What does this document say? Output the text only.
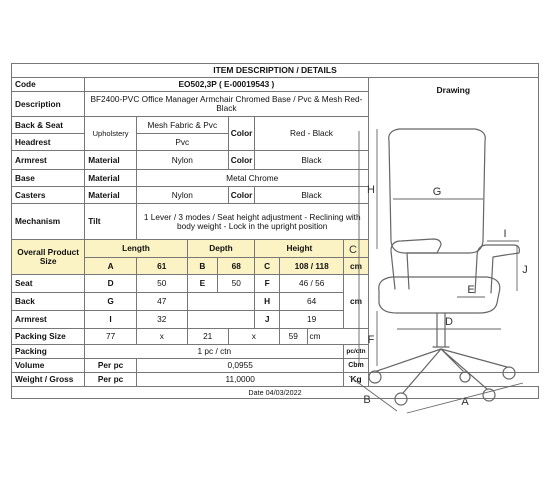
ITEM DESCRIPTION / DETAILS
Code	EO502,3P ( E-00019543 )									Drawing

Description	BF2400-PVC Office Manager Armchair Chromed Base / Pvc & Mesh Red-Black									
Back & Seat	Upholstery	Mesh Fabric & Pvc			Color	Red - Black				
Headrest		Pvc								
Armrest	Material	Nylon			Color	Black				
Base	Material	Metal Chrome								
Casters	Material	Nylon			Color	Black				
Mechanism	Tilt	1 Lever / 3 modes / Seat height adjustment - Reclining with body weight - Lock in the upright position								
Overall Product Size	Length		Depth			Height				
	A	61	B	68		C	108 / 118		cm	
Seat	D	50	E	50		F	46 / 56		cm	
Back	G	47				H	64			
Armrest	I	32				J	19			
Packing Size	77	x	21		x		59	cm		
Packing	1 pc / ctn								pc/ctn	
Volume	Per pc	0,0955							Cbm	
Weight / Gross	Per pc	11,0000							Kg	
Date 04/03/2022										
C
H
F
G
I
J
E
D
B	A
